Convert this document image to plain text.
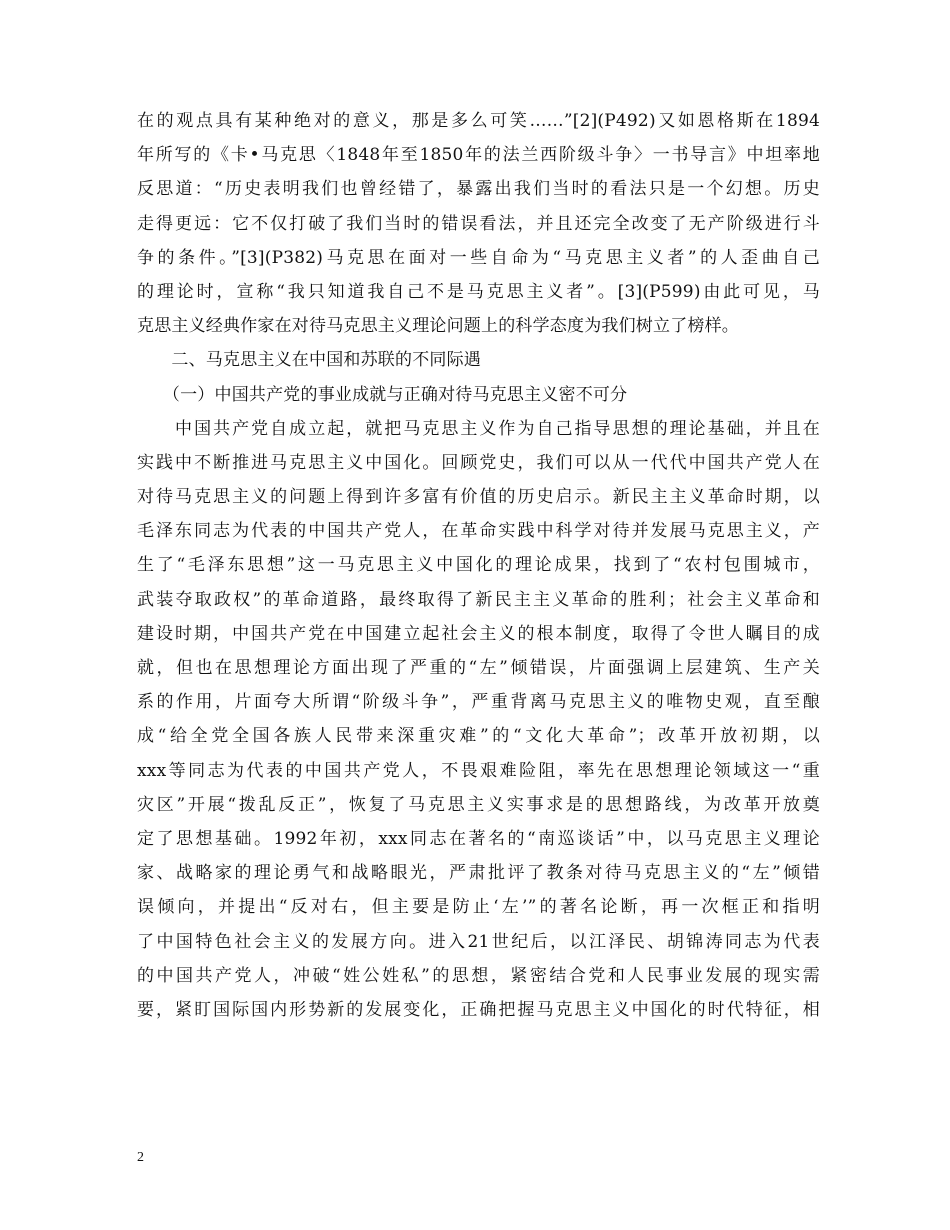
在的观点具有某种绝对的意义，那是多么可笑……”[2](P492)又如恩格斯在1894
年所写的《卡•马克思〈1848年至1850年的法兰西阶级斗争〉一书导言》中坦率地
反思道：“历史表明我们也曾经错了，暴露出我们当时的看法只是一个幻想。历史
走得更远：它不仅打破了我们当时的错误看法，并且还完全改变了无产阶级进行斗
争的条件。”[3](P382)马克思在面对一些自命为“马克思主义者”的人歪曲自己
的理论时，宣称“我只知道我自己不是马克思主义者”。[3](P599)由此可见，马
克思主义经典作家在对待马克思主义理论问题上的科学态度为我们树立了榜样。
　　二、马克思主义在中国和苏联的不同际遇
　　（一）中国共产党的事业成就与正确对待马克思主义密不可分
　　中国共产党自成立起，就把马克思主义作为自己指导思想的理论基础，并且在
实践中不断推进马克思主义中国化。回顾党史，我们可以从一代代中国共产党人在
对待马克思主义的问题上得到许多富有价值的历史启示。新民主主义革命时期，以
毛泽东同志为代表的中国共产党人，在革命实践中科学对待并发展马克思主义，产
生了“毛泽东思想”这一马克思主义中国化的理论成果，找到了“农村包围城市，
武装夺取政权”的革命道路，最终取得了新民主主义革命的胜利；社会主义革命和
建设时期，中国共产党在中国建立起社会主义的根本制度，取得了令世人瞩目的成
就，但也在思想理论方面出现了严重的“左”倾错误，片面强调上层建筑、生产关
系的作用，片面夸大所谓“阶级斗争”，严重背离马克思主义的唯物史观，直至酿
成“给全党全国各族人民带来深重灾难”的“文化大革命”；改革开放初期，以
xxx等同志为代表的中国共产党人，不畏艰难险阻，率先在思想理论领域这一“重
灾区”开展“拨乱反正”，恢复了马克思主义实事求是的思想路线，为改革开放奠
定了思想基础。1992年初，xxx同志在著名的“南巡谈话”中，以马克思主义理论
家、战略家的理论勇气和战略眼光，严肃批评了教条对待马克思主义的“左”倾错
误倾向，并提出“反对右，但主要是防止‘左’”的著名论断，再一次框正和指明
了中国特色社会主义的发展方向。进入21世纪后，以江泽民、胡锦涛同志为代表
的中国共产党人，冲破“姓公姓私”的思想，紧密结合党和人民事业发展的现实需
要，紧盯国际国内形势新的发展变化，正确把握马克思主义中国化的时代特征，相
2
